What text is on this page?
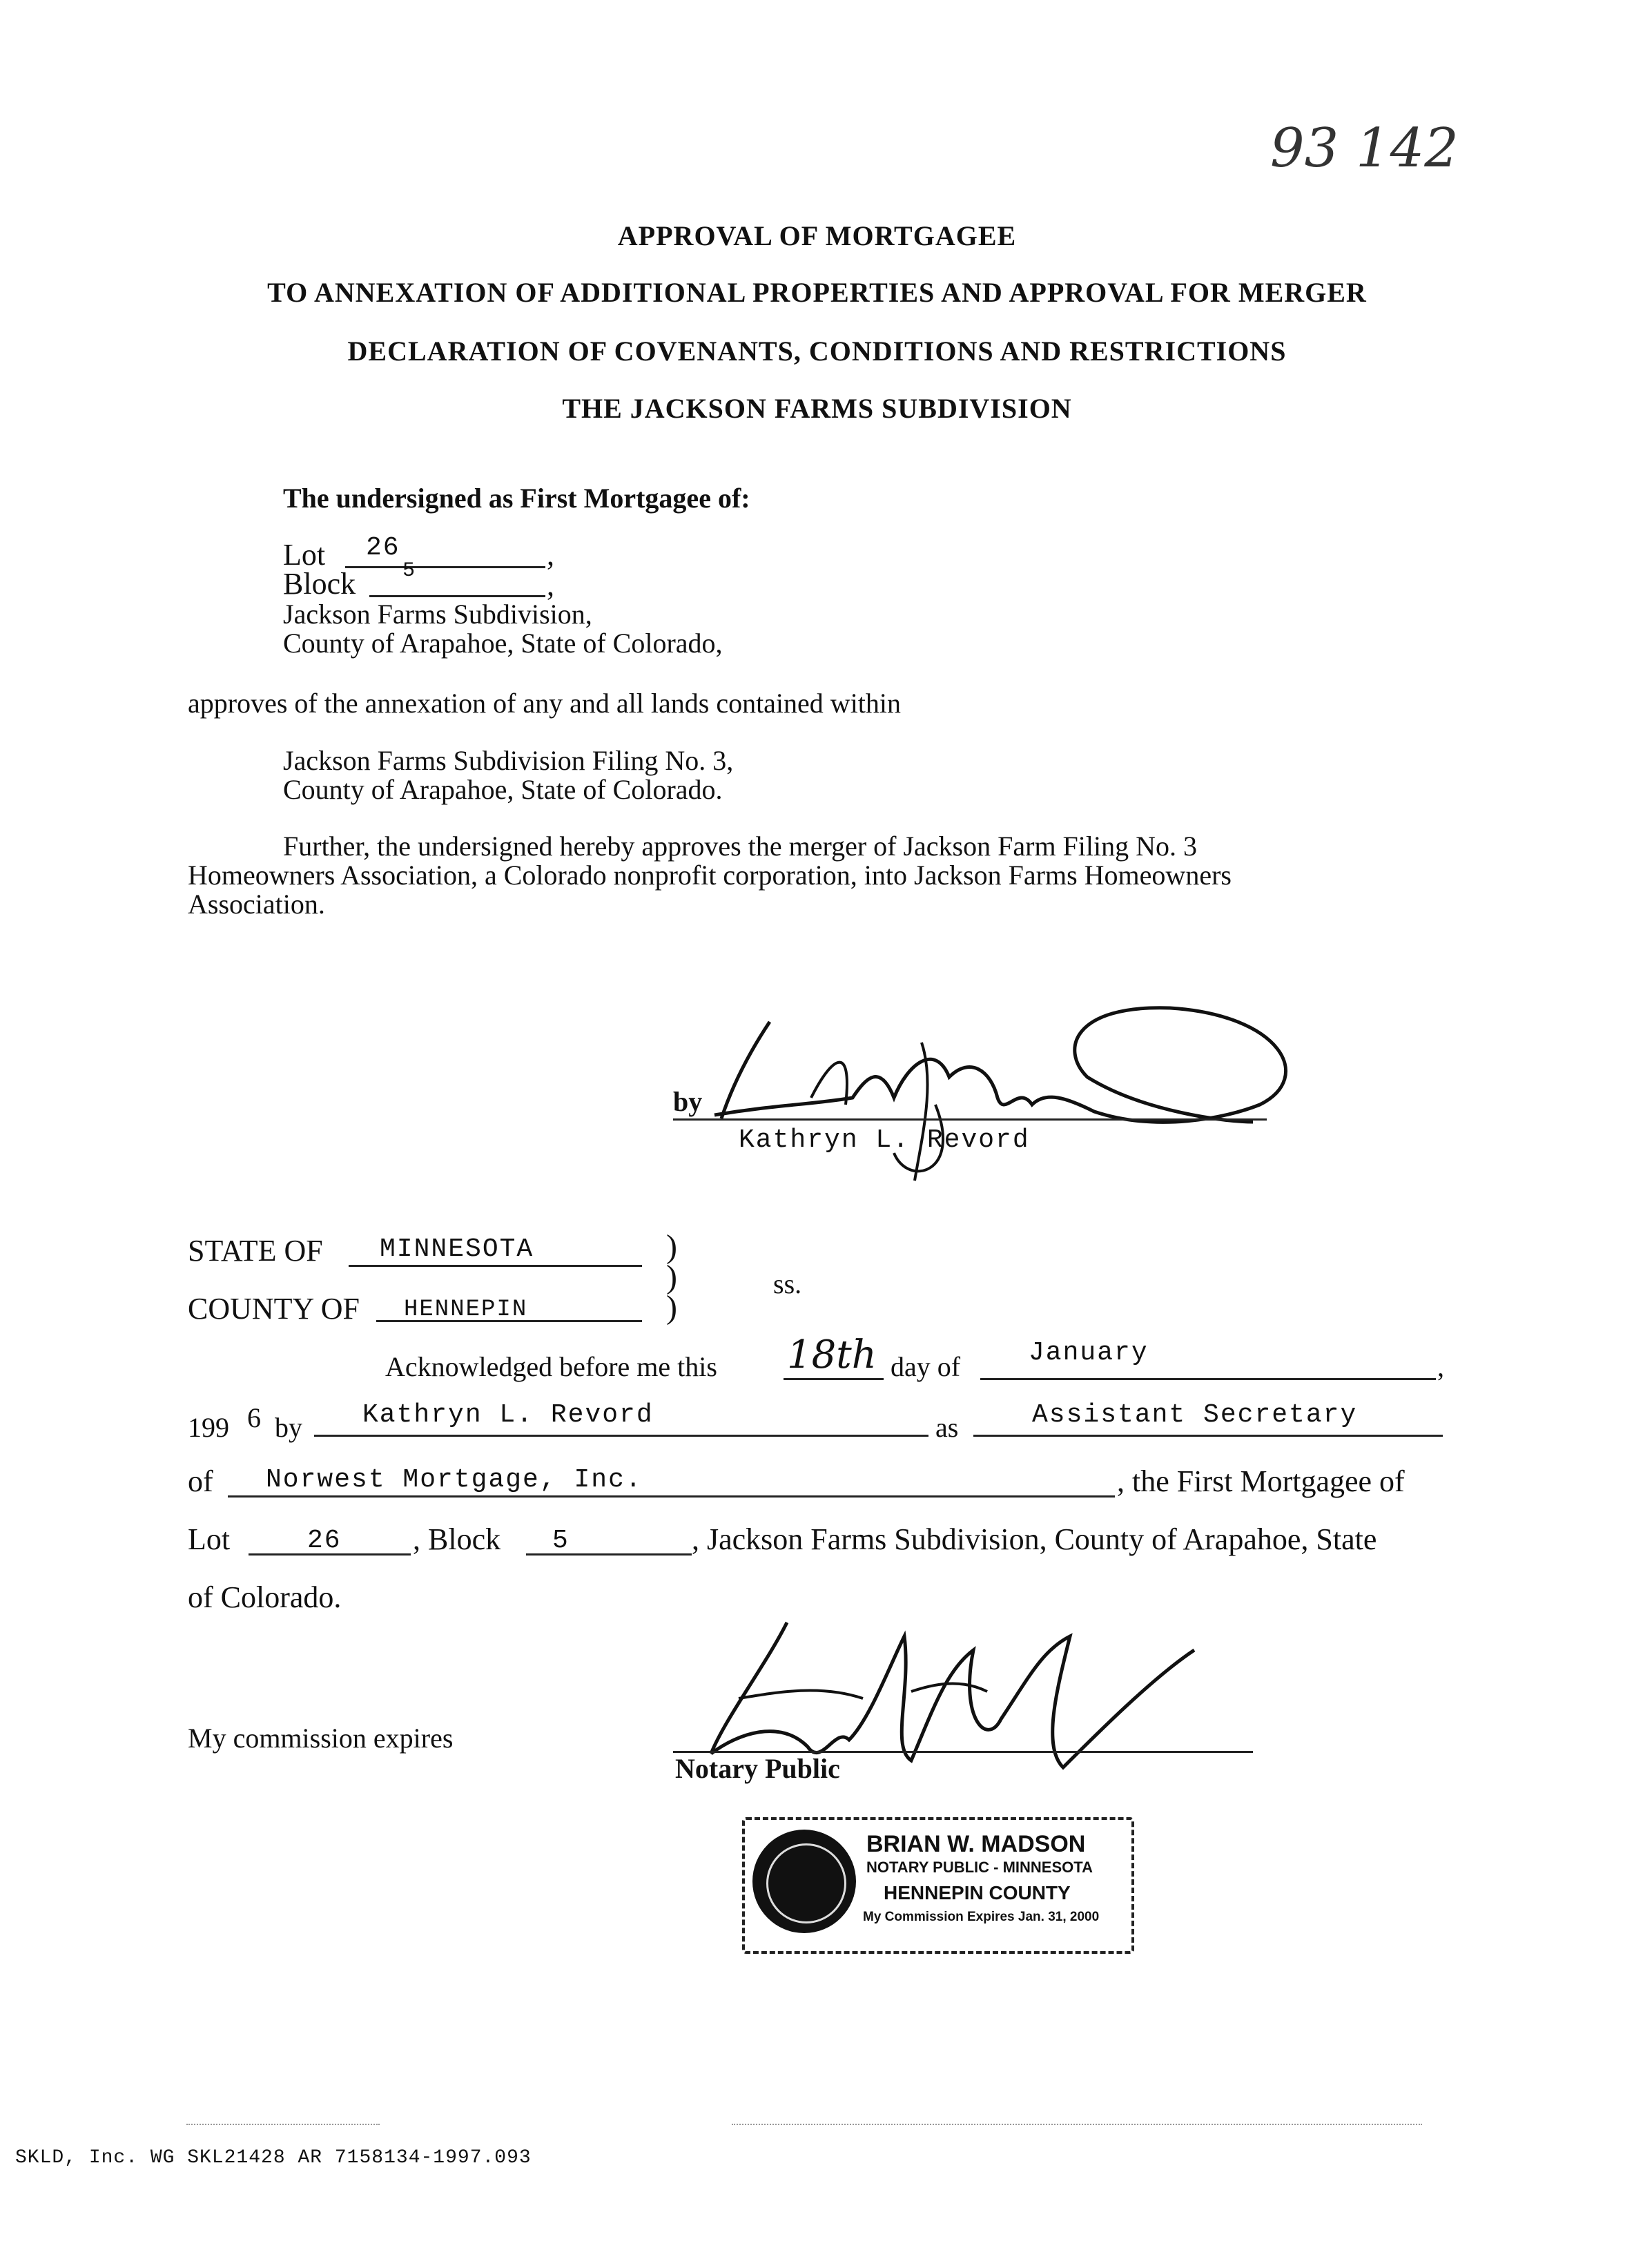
93 142
APPROVAL OF MORTGAGEE
TO ANNEXATION OF ADDITIONAL PROPERTIES AND APPROVAL FOR MERGER
DECLARATION OF COVENANTS, CONDITIONS AND RESTRICTIONS
THE JACKSON FARMS SUBDIVISION
The undersigned as First Mortgagee of:
Lot 26	,
Block 5	,
Jackson Farms Subdivision,
County of Arapahoe, State of Colorado,
approves of the annexation of any and all lands contained within
Jackson Farms Subdivision Filing No. 3,
County of Arapahoe, State of Colorado.
Further, the undersigned hereby approves the merger of Jackson Farm Filing No. 3
Homeowners Association, a Colorado nonprofit corporation, into Jackson Farms Homeowners
Association.
by
Kathryn L. Revord
STATE OF MINNESOTA	)
)	ss.
)
COUNTY OF HENNEPIN
Acknowledged before me this 18th day of	January	,
199 6 by Kathryn L. Revord	as	Assistant Secretary
of Norwest Mortgage, Inc.	, the First Mortgagee of
Lot	26 , Block 5	, Jackson Farms Subdivision, County of Arapahoe, State
of Colorado.
My commission expires
Notary Public
BRIAN W. MADSON
NOTARY PUBLIC - MINNESOTA
HENNEPIN COUNTY
My Commission Expires Jan. 31, 2000
SKLD, Inc. WG SKL21428 AR 7158134-1997.093
